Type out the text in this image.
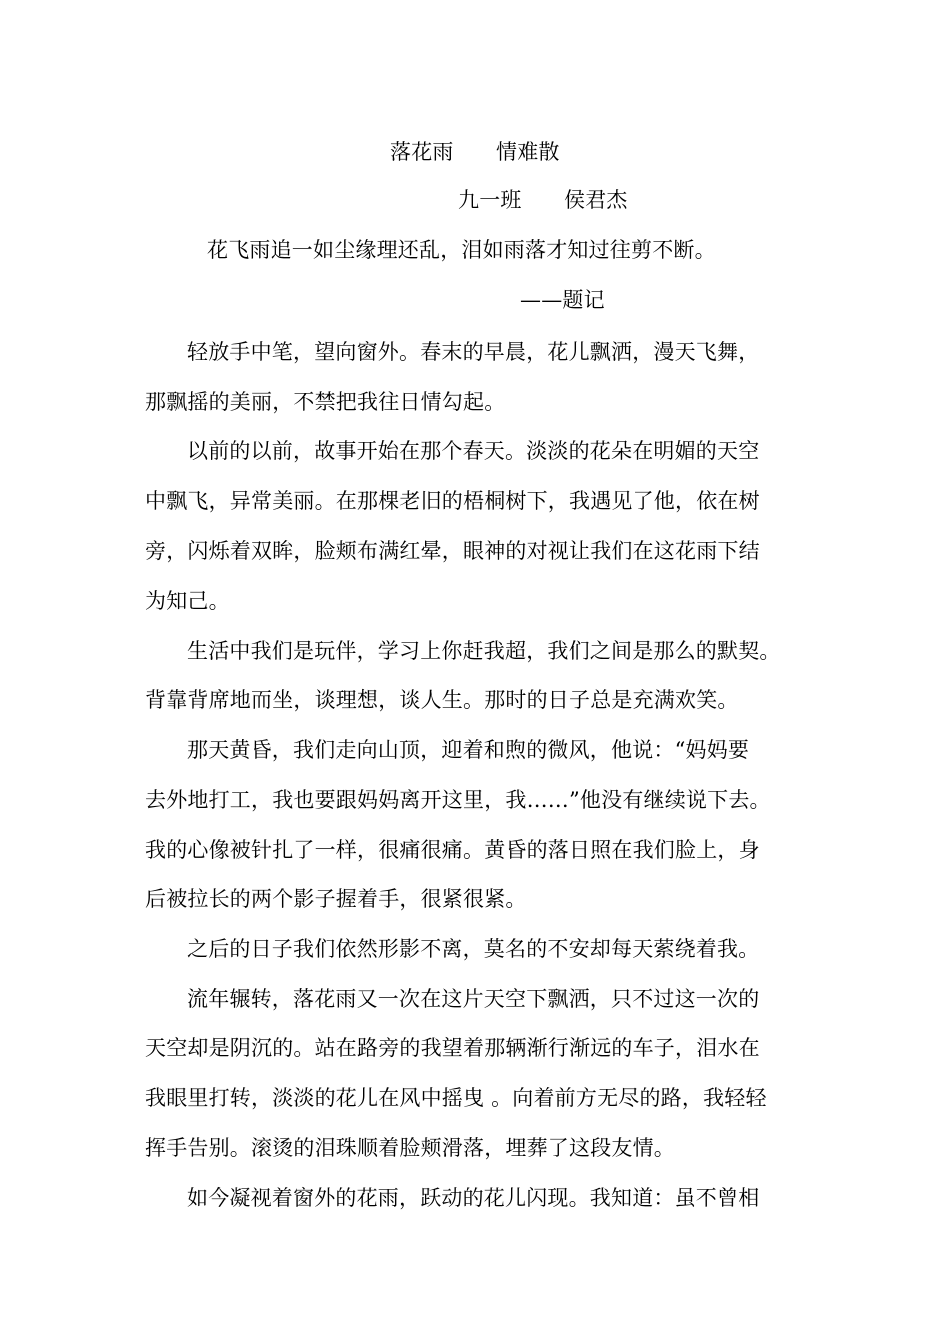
落花雨　　情难散
九一班　　侯君杰
花飞雨追一如尘缘理还乱，泪如雨落才知过往剪不断。
——题记
轻放手中笔，望向窗外。春末的早晨，花儿飘洒，漫天飞舞，
那飘摇的美丽，不禁把我往日情勾起。
以前的以前，故事开始在那个春天。淡淡的花朵在明媚的天空
中飘飞，异常美丽。在那棵老旧的梧桐树下，我遇见了他，依在树
旁，闪烁着双眸，脸颊布满红晕，眼神的对视让我们在这花雨下结
为知己。
生活中我们是玩伴，学习上你赶我超，我们之间是那么的默契。
背靠背席地而坐，谈理想，谈人生。那时的日子总是充满欢笑。
那天黄昏，我们走向山顶，迎着和煦的微风，他说：“妈妈要
去外地打工，我也要跟妈妈离开这里，我……”他没有继续说下去。
我的心像被针扎了一样，很痛很痛。黄昏的落日照在我们脸上，身
后被拉长的两个影子握着手，很紧很紧。
之后的日子我们依然形影不离，莫名的不安却每天萦绕着我。
流年辗转，落花雨又一次在这片天空下飘洒，只不过这一次的
天空却是阴沉的。站在路旁的我望着那辆渐行渐远的车子，泪水在
我眼里打转，淡淡的花儿在风中摇曳 。向着前方无尽的路，我轻轻
挥手告别。滚烫的泪珠顺着脸颊滑落，埋葬了这段友情。
如今凝视着窗外的花雨，跃动的花儿闪现。我知道：虽不曾相
